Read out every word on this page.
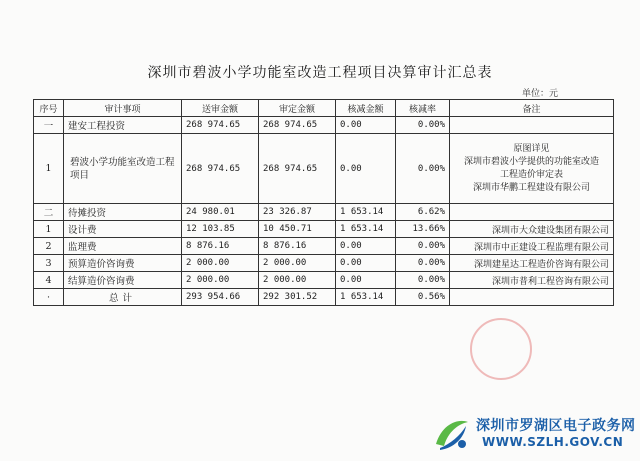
深圳市碧波小学功能室改造工程项目决算审计汇总表
单位：元
序号	审计事项	送审金额	审定金额	核减金额	核减率	备注
一	建安工程投资	268 974.65	268 974.65	0.00	0.00%	
1	碧波小学功能室改造工程项目	268 974.65	268 974.65	0.00	0.00%	原图详见
深圳市碧波小学提供的功能室改造
工程造价审定表
深圳市华鹏工程建设有限公司

二	待摊投资	24 980.01	23 326.87	1 653.14	6.62%	
1	设计费	12 103.85	10 450.71	1 653.14	13.66%	深圳市大众建设集团有限公司
2	监理费	8 876.16	8 876.16	0.00	0.00%	深圳市中正建设工程监理有限公司
3	预算造价咨询费	2 000.00	2 000.00	0.00	0.00%	深圳建星达工程造价咨询有限公司
4	结算造价咨询费	2 000.00	2 000.00	0.00	0.00%	深圳市普利工程咨询有限公司
·	总计	293 954.66	292 301.52	1 653.14	0.56%	
深圳市罗湖区电子政务网
WWW.SZLH.GOV.CN
